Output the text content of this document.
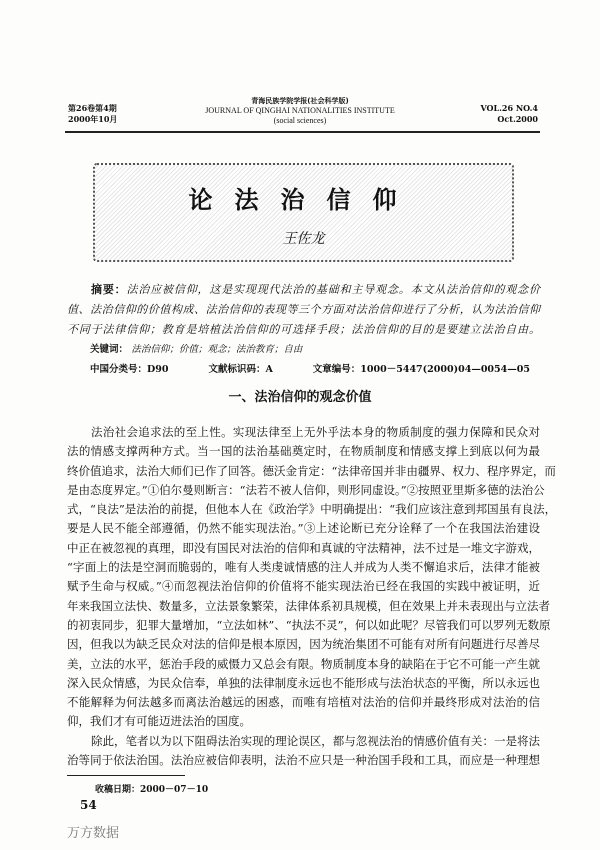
第26卷第4期
2000年10月
青海民族学院学报(社会科学版)
JOURNAL OF QINGHAI NATIONALITIES INSTITUTE
(social sciences)
VOL.26 NO.4
Oct.2000
论法治信仰
王佐龙
摘要：法治应被信仰，这是实现现代法治的基础和主导观念。本文从法治信仰的观念价
值、法治信仰的价值构成、法治信仰的表现等三个方面对法治信仰进行了分析，认为法治信仰
不同于法律信仰；教育是培植法治信仰的可选择手段；法治信仰的目的是要建立法治自由。
关键词： 法治信仰；价值；观念；法治教育；自由
中国分类号：D90	文献标识码：A	文章编号：1000－5447(2000)04—0054—05
一、法治信仰的观念价值
法治社会追求法的至上性。实现法律至上无外乎法本身的物质制度的强力保障和民众对
法的情感支撑两种方式。当一国的法治基础奠定时，在物质制度和情感支撑上到底以何为最
终价值追求，法治大师们已作了回答。德沃金肯定：“法律帝国并非由疆界、权力、程序界定，而
是由态度界定。”①伯尔曼则断言：“法若不被人信仰，则形同虚设。”②按照亚里斯多德的法治公
式，“良法”是法治的前提，但他本人在《政治学》中明确提出：“我们应该注意到邦国虽有良法，
要是人民不能全部遵循，仍然不能实现法治。”③上述论断已充分诠释了一个在我国法治建设
中正在被忽视的真理，即没有国民对法治的信仰和真诚的守法精神，法不过是一堆文字游戏，
“字面上的法是空洞而脆弱的，唯有人类虔诚情感的注人并成为人类不懈追求后，法律才能被
赋予生命与权威。”④而忽视法治信仰的价值将不能实现法治已经在我国的实践中被证明，近
年来我国立法快、数量多，立法景象繁荣，法律体系初具规模，但在效果上并未表现出与立法者
的初衷同步，犯罪大量增加，“立法如林”、“执法不灵”，何以如此呢？尽管我们可以罗列无数原
因，但我以为缺乏民众对法的信仰是根本原因，因为统治集团不可能有对所有问题进行尽善尽
美，立法的水平，惩治手段的威慑力又总会有限。物质制度本身的缺陷在于它不可能一产生就
深入民众情感，为民众信奉，单独的法律制度永远也不能形成与法治状态的平衡，所以永远也
不能解释为何法越多而离法治越远的困惑，而唯有培植对法治的信仰并最终形成对法治的信
仰，我们才有可能迈进法治的国度。
除此，笔者以为以下阻碍法治实现的理论误区，都与忽视法治的情感价值有关：一是将法
治等同于依法治国。法治应被信仰表明，法治不应只是一种治国手段和工具，而应是一种理想
收稿日期：2000－07－10
54
万方数据
